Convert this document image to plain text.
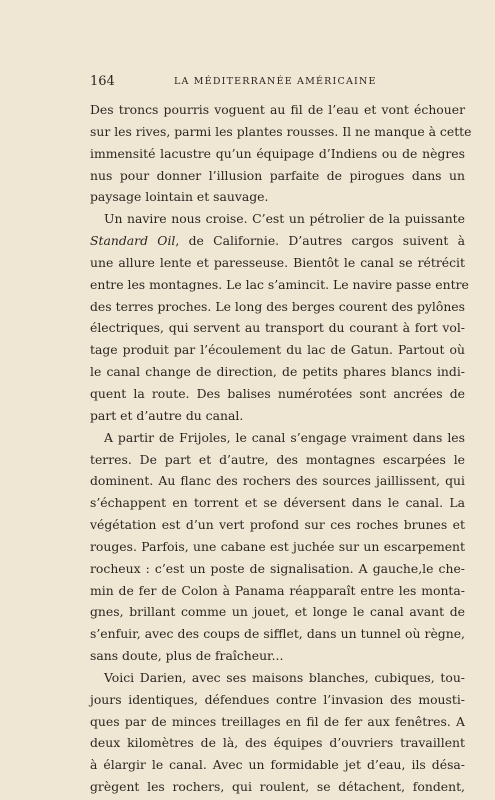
164	LA MÉDITERRANÉE AMÉRICAINE
Des troncs pourris voguent au fil de l’eau et vont échouer
sur les rives, parmi les plantes rousses. Il ne manque à cette
immensité lacustre qu’un équipage d’Indiens ou de nègres
nus pour donner l’illusion parfaite de pirogues dans un
paysage lointain et sauvage.
Un navire nous croise. C’est un pétrolier de la puissante
Standard Oil, de Californie. D’autres cargos suivent à
une allure lente et paresseuse. Bientôt le canal se rétrécit
entre les montagnes. Le lac s’amincit. Le navire passe entre
des terres proches. Le long des berges courent des pylônes
électriques, qui servent au transport du courant à fort vol-
tage produit par l’écoulement du lac de Gatun. Partout où
le canal change de direction, de petits phares blancs indi-
quent la route. Des balises numérotées sont ancrées de
part et d’autre du canal.
A partir de Frijoles, le canal s’engage vraiment dans les
terres. De part et d’autre, des montagnes escarpées le
dominent. Au flanc des rochers des sources jaillissent, qui
s’échappent en torrent et se déversent dans le canal. La
végétation est d’un vert profond sur ces roches brunes et
rouges. Parfois, une cabane est juchée sur un escarpement
rocheux : c’est un poste de signalisation. A gauche,le che-
min de fer de Colon à Panama réapparaît entre les monta-
gnes, brillant comme un jouet, et longe le canal avant de
s’enfuir, avec des coups de sifflet, dans un tunnel où règne,
sans doute, plus de fraîcheur...
Voici Darien, avec ses maisons blanches, cubiques, tou-
jours identiques, défendues contre l’invasion des mousti-
ques par de minces treillages en fil de fer aux fenêtres. A
deux kilomètres de là, des équipes d’ouvriers travaillent
à élargir le canal. Avec un formidable jet d’eau, ils désa-
grègent les rochers, qui roulent, se détachent, fondent,
